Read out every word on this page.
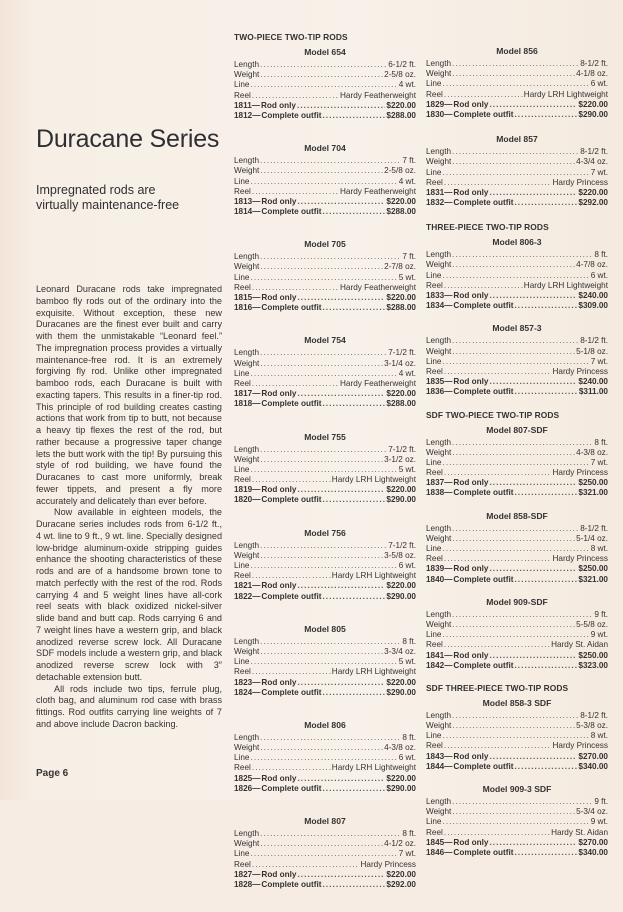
Duracane Series
Impregnated rods are virtually maintenance-free

Leonard Duracane rods take impregnated bamboo fly rods out of the ordinary into the exquisite. Without exception, these new Duracanes are the finest ever built and carry with them the unmistakable “Leonard feel.” The impregnation process provides a virtually maintenance-free rod. It is an extremely forgiving fly rod. Unlike other impregnated bamboo rods, each Duracane is built with exacting tapers. This results in a finer-tip rod. This principle of rod building creates casting actions that work from tip to butt, not because a heavy tip flexes the rest of the rod, but rather because a progressive taper change lets the butt work with the tip! By pursuing this style of rod building, we have found the Duracanes to cast more uniformly, break fewer tippets, and present a fly more accurately and delicately than ever before.

Now available in eighteen models, the Duracane series includes rods from 6-1/2 ft., 4 wt. line to 9 ft., 9 wt. line. Specially designed low-bridge aluminum-oxide stripping guides enhance the shooting characteristics of these rods and are of a handsome brown tone to match perfectly with the rest of the rod. Rods carrying 4 and 5 weight lines have all-cork reel seats with black oxidized nickel-silver slide band and butt cap. Rods carrying 6 and 7 weight lines have a western grip, and black anodized reverse screw lock. All Duracane SDF models include a western grip, and black anodized reverse screw lock with 3″ detachable extension butt.

All rods include two tips, ferrule plug, cloth bag, and aluminum rod case with brass fittings. Rod outfits carrying line weights of 7 and above include Dacron backing.

Page 6
TWO-PIECE TWO-TIP RODS
Model 654
Length . . .	6-1/2 ft.
Weight . . .	2-5/8 oz.
Line . . .	4 wt.
Reel . . .	Hardy Featherweight
1811— Rod only . . .	$220.00
1812— Complete outfit . . .	$288.00
Model 704
Length . . .	7 ft.
Weight . . .	2-5/8 oz.
Line . . .	4 wt.
Reel . . .	Hardy Featherweight
1813— Rod only . . .	$220.00
1814— Complete outfit . . .	$288.00
Model 705
Length . . .	7 ft.
Weight . . .	2-7/8 oz.
Line . . .	5 wt.
Reel . . .	Hardy Featherweight
1815— Rod only . . .	$220.00
1816— Complete outfit . . .	$288.00
Model 754
Length . . .	7-1/2 ft.
Weight . . .	3-1/4 oz.
Line . . .	4 wt.
Reel . . .	Hardy Featherweight
1817— Rod only . . .	$220.00
1818— Complete outfit . . .	$288.00
Model 755
Length . . .	7-1/2 ft.
Weight . . .	3-1/2 oz.
Line . . .	5 wt.
Reel . . .	Hardy LRH Lightweight
1819— Rod only . . .	$220.00
1820— Complete outfit . . .	$290.00
Model 756
Length . . .	7-1/2 ft.
Weight . . .	3-5/8 oz.
Line . . .	6 wt.
Reel . . .	Hardy LRH Lightweight
1821— Rod only . . .	$220.00
1822— Complete outfit . . .	$290.00
Model 805
Length . . .	8 ft.
Weight . . .	3-3/4 oz.
Line . . .	5 wt.
Reel . . .	Hardy LRH Lightweight
1823— Rod only . . .	$220.00
1824— Complete outfit . . .	$290.00
Model 806
Length . . .	8 ft.
Weight . . .	4-3/8 oz.
Line . . .	6 wt.
Reel . . .	Hardy LRH Lightweight
1825— Rod only . . .	$220.00
1826— Complete outfit . . .	$290.00
Model 807
Length . . .	8 ft.
Weight . . .	4-1/2 oz.
Line . . .	7 wt.
Reel . . .	Hardy Princess
1827— Rod only . . .	$220.00
1828— Complete outfit . . .	$292.00
Model 856
Length . . .	8-1/2 ft.
Weight . . .	4-1/8 oz.
Line . . .	6 wt.
Reel . . .	Hardy LRH Lightweight
1829— Rod only . . .	$220.00
1830— Complete outfit . . .	$290.00
Model 857
Length . . .	8-1/2 ft.
Weight . . .	4-3/4 oz.
Line . . .	7 wt.
Reel . . .	Hardy Princess
1831— Rod only . . .	$220.00
1832— Complete outfit . . .	$292.00
THREE-PIECE TWO-TIP RODS
Model 806-3
Length . . .	8 ft.
Weight . . .	4-7/8 oz.
Line . . .	6 wt.
Reel . . .	Hardy LRH Lightweight
1833— Rod only . . .	$240.00
1834— Complete outfit . . .	$309.00
Model 857-3
Length . . .	8-1/2 ft.
Weight . . .	5-1/8 oz.
Line . . .	7 wt.
Reel . . .	Hardy Princess
1835— Rod only . . .	$240.00
1836— Complete outfit . . .	$311.00
SDF TWO-PIECE TWO-TIP RODS
Model 807-SDF
Length . . .	8 ft.
Weight . . .	4-3/8 oz.
Line . . .	7 wt.
Reel . . .	Hardy Princess
1837— Rod only . . .	$250.00
1838— Complete outfit . . .	$321.00
Model 858-SDF
Length . . .	8-1/2 ft.
Weight . . .	5-1/4 oz.
Line . . .	8 wt.
Reel . . .	Hardy Princess
1839— Rod only . . .	$250.00
1840— Complete outfit . . .	$321.00
Model 909-SDF
Length . . .	9 ft.
Weight . . .	5-5/8 oz.
Line . . .	9 wt.
Reel . . .	Hardy St. Aidan
1841— Rod only . . .	$250.00
1842— Complete outfit . . .	$323.00
SDF THREE-PIECE TWO-TIP RODS
Model 858-3 SDF
Length . . .	8-1/2 ft.
Weight . . .	5-3/8 oz.
Line . . .	8 wt.
Reel . . .	Hardy Princess
1843— Rod only . . .	$270.00
1844— Complete outfit . . .	$340.00
Model 909-3 SDF
Length . . .	9 ft.
Weight . . .	5-3/4 oz.
Line . . .	9 wt.
Reel . . .	Hardy St. Aidan
1845— Rod only . . .	$270.00
1846— Complete outfit . . .	$340.00
